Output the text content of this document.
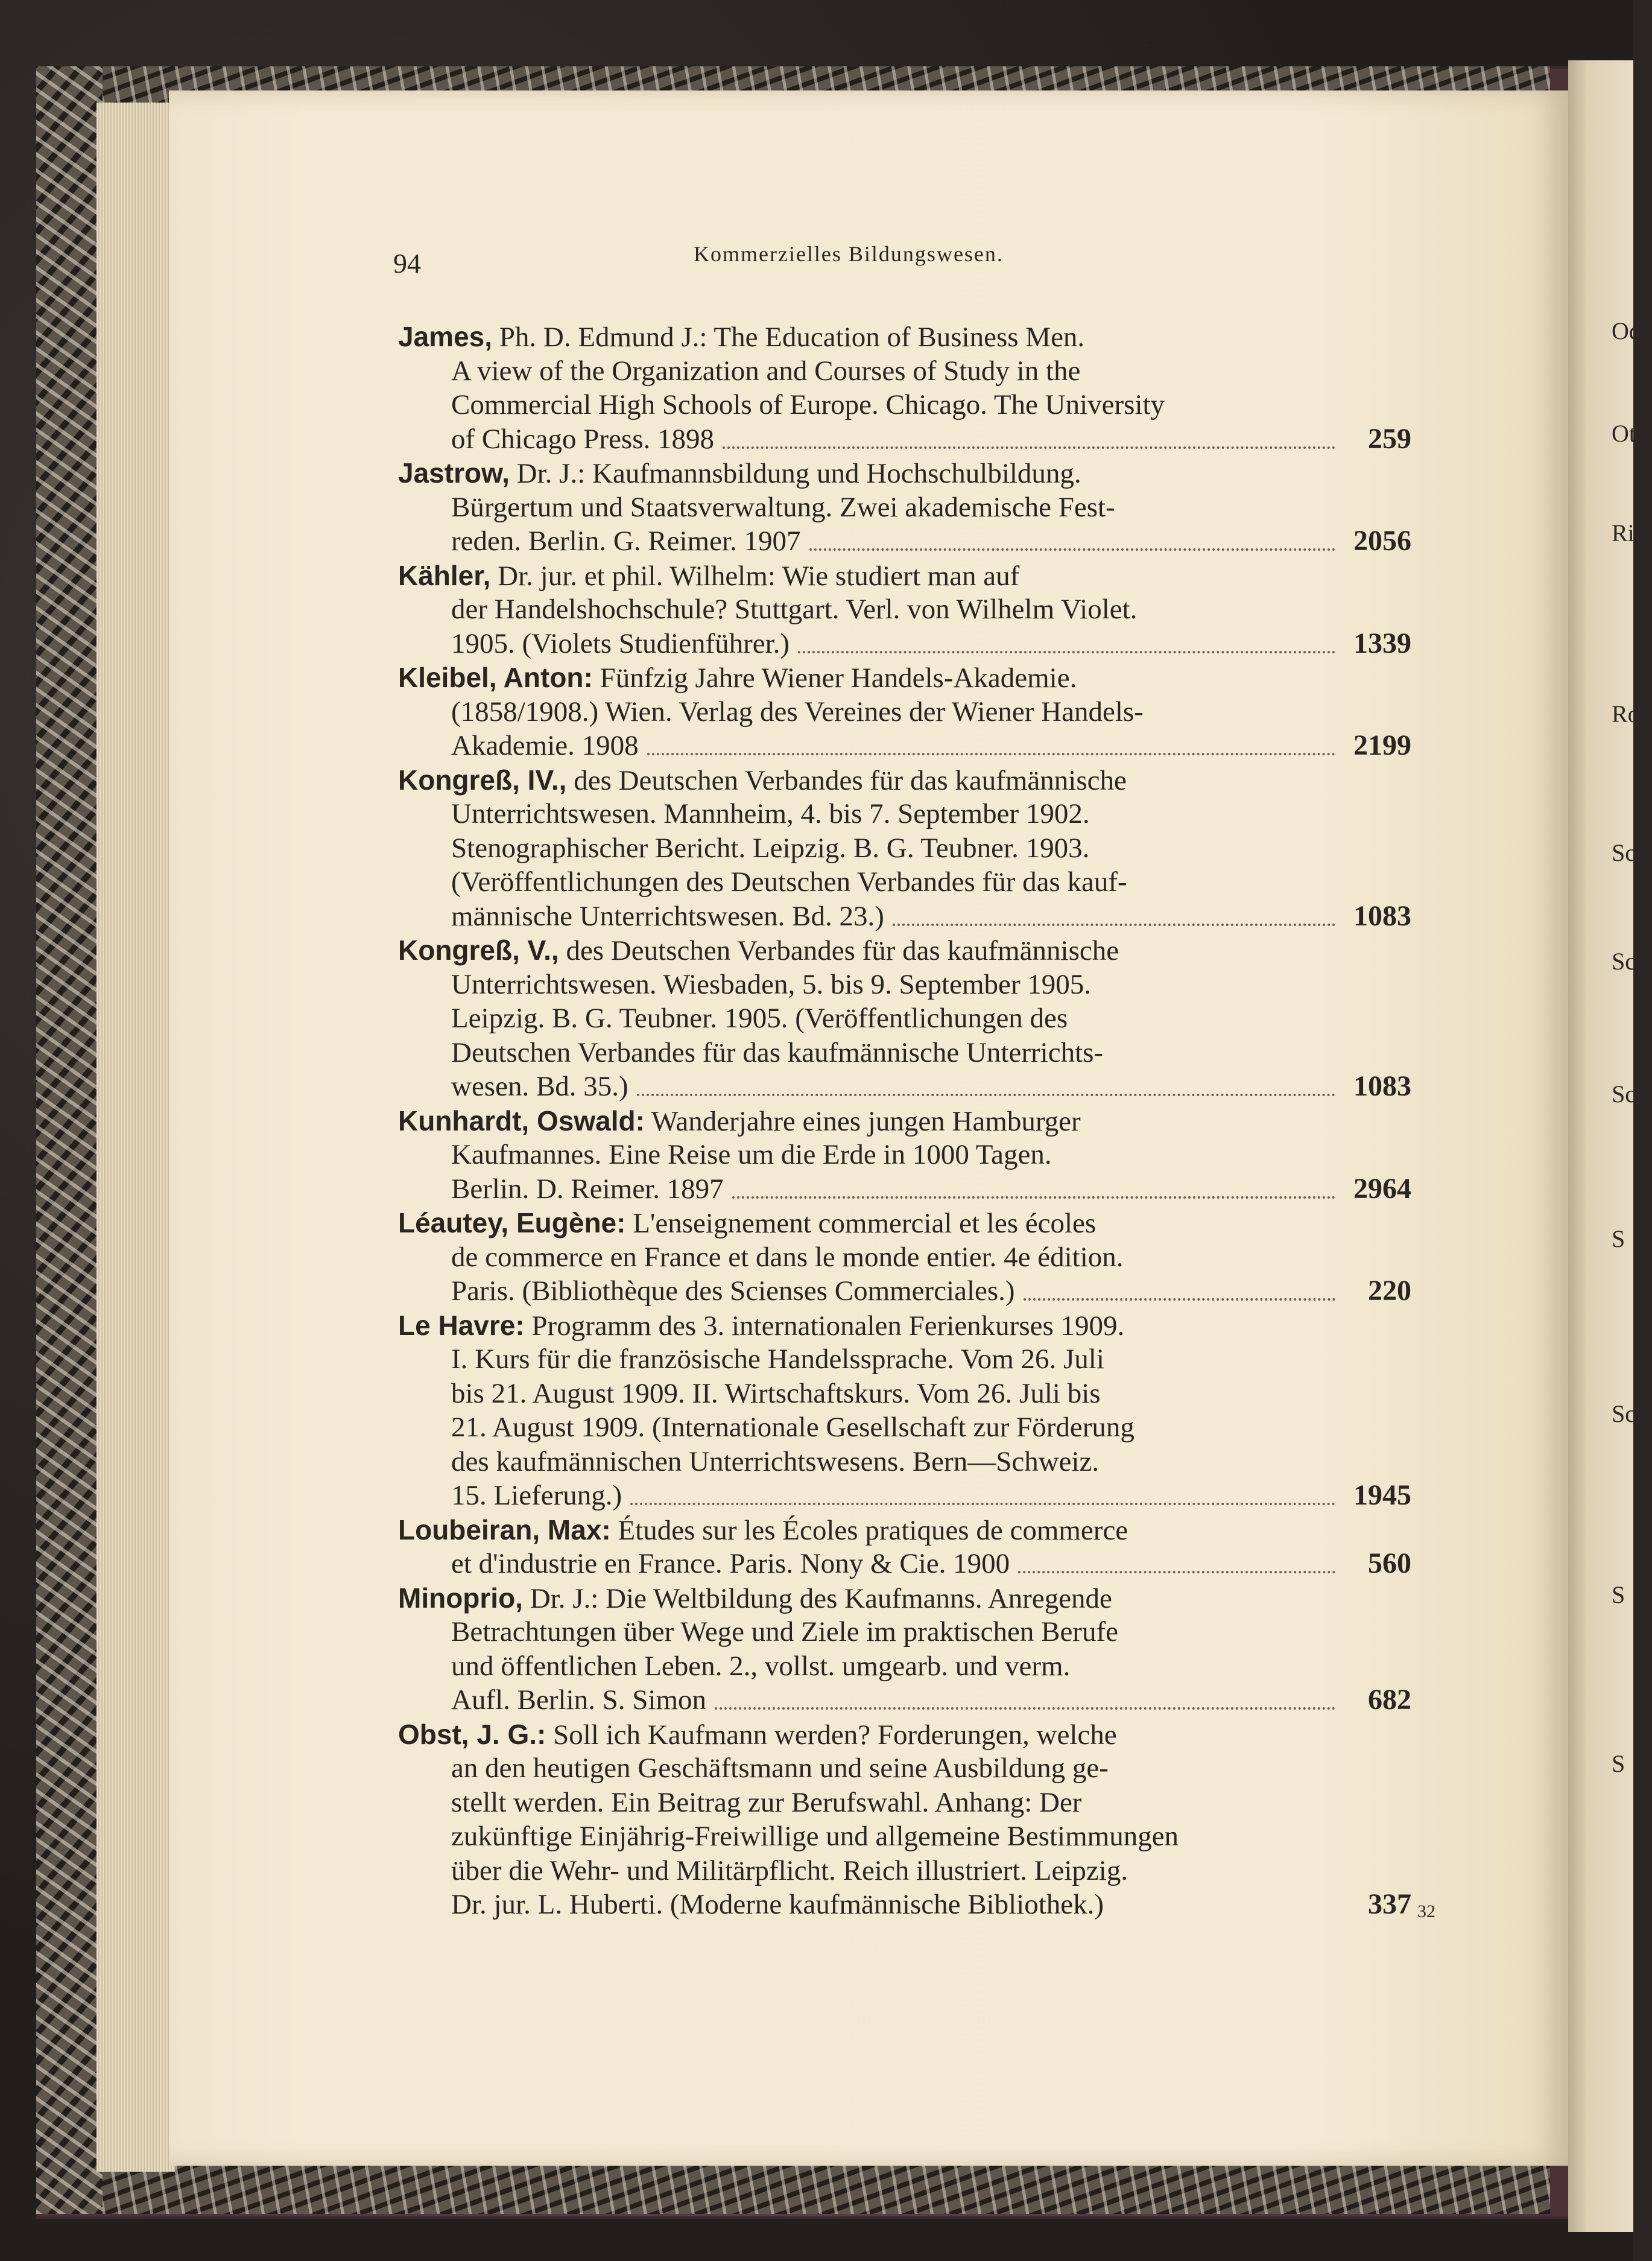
94	Kommerzielles Bildungswesen.
James, Ph. D. Edmund J.: The Education of Business Men.
A view of the Organization and Courses of Study in the
Commercial High Schools of Europe. Chicago. The University
of Chicago Press. 1898	259
Jastrow, Dr. J.: Kaufmannsbildung und Hochschulbildung.
Bürgertum und Staatsverwaltung. Zwei akademische Fest-
reden. Berlin. G. Reimer. 1907	2056
Kähler, Dr. jur. et phil. Wilhelm: Wie studiert man auf
der Handelshochschule? Stuttgart. Verl. von Wilhelm Violet.
1905. (Violets Studienführer.)	1339
Kleibel, Anton: Fünfzig Jahre Wiener Handels-Akademie.
(1858/1908.) Wien. Verlag des Vereines der Wiener Handels-
Akademie. 1908	2199
Kongreß, IV., des Deutschen Verbandes für das kaufmännische
Unterrichtswesen. Mannheim, 4. bis 7. September 1902.
Stenographischer Bericht. Leipzig. B. G. Teubner. 1903.
(Veröffentlichungen des Deutschen Verbandes für das kauf-
männische Unterrichtswesen. Bd. 23.)	1083
Kongreß, V., des Deutschen Verbandes für das kaufmännische
Unterrichtswesen. Wiesbaden, 5. bis 9. September 1905.
Leipzig. B. G. Teubner. 1905. (Veröffentlichungen des
Deutschen Verbandes für das kaufmännische Unterrichts-
wesen. Bd. 35.)	1083
Kunhardt, Oswald: Wanderjahre eines jungen Hamburger
Kaufmannes. Eine Reise um die Erde in 1000 Tagen.
Berlin. D. Reimer. 1897	2964
Léautey, Eugène: L'enseignement commercial et les écoles
de commerce en France et dans le monde entier. 4e édition.
Paris. (Bibliothèque des Scienses Commerciales.)	220
Le Havre: Programm des 3. internationalen Ferienkurses 1909.
I. Kurs für die französische Handelssprache. Vom 26. Juli
bis 21. August 1909. II. Wirtschaftskurs. Vom 26. Juli bis
21. August 1909. (Internationale Gesellschaft zur Förderung
des kaufmännischen Unterrichtswesens. Bern—Schweiz.
15. Lieferung.)	1945
Loubeiran, Max: Études sur les Écoles pratiques de commerce
et d'industrie en France. Paris. Nony & Cie. 1900	560
Minoprio, Dr. J.: Die Weltbildung des Kaufmanns. Anregende
Betrachtungen über Wege und Ziele im praktischen Berufe
und öffentlichen Leben. 2., vollst. umgearb. und verm.
Aufl. Berlin. S. Simon	682
Obst, J. G.: Soll ich Kaufmann werden? Forderungen, welche
an den heutigen Geschäftsmann und seine Ausbildung ge-
stellt werden. Ein Beitrag zur Berufswahl. Anhang: Der
zukünftige Einjährig-Freiwillige und allgemeine Bestimmungen
über die Wehr- und Militärpflicht. Reich illustriert. Leipzig.
Dr. jur. L. Huberti. (Moderne kaufmännische Bibliothek.)	337 32
Ode
Ott
Ri
Ro
Sc
Sc
Sc
S
Sc
S
S
